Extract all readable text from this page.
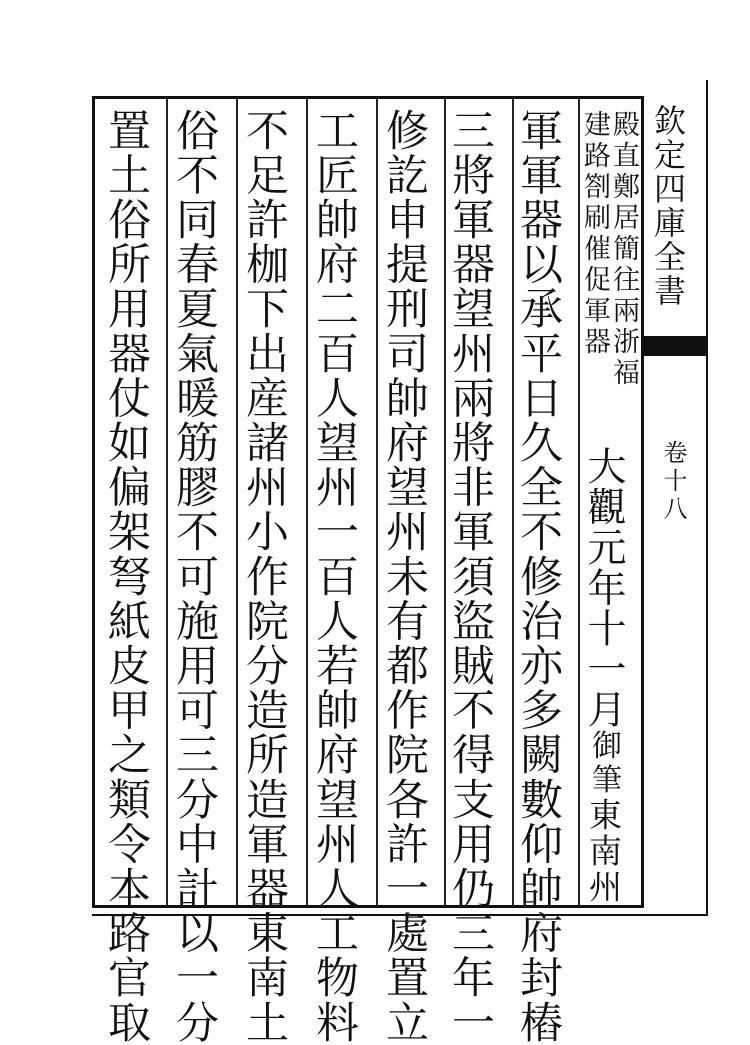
欽定四庫全書
卷十八
殿直鄭居簡往兩浙福
建路劄刷催促軍器
大觀元年十一月御筆東南州
軍軍器以承平日久全不修治亦多闕數仰帥府封樁
三將軍器望州兩將非軍須盜賊不得支用仍三年一
修訖申提刑司帥府望州未有都作院各許一處置立
工匠帥府二百人望州一百人若帥府望州人工物料
不足許枷下出産諸州小作院分造所造軍器東南土
俗不同春夏氣暖筋膠不可施用可三分中計以一分
置土俗所用器仗如偏架弩紙皮甲之類令本路官取
